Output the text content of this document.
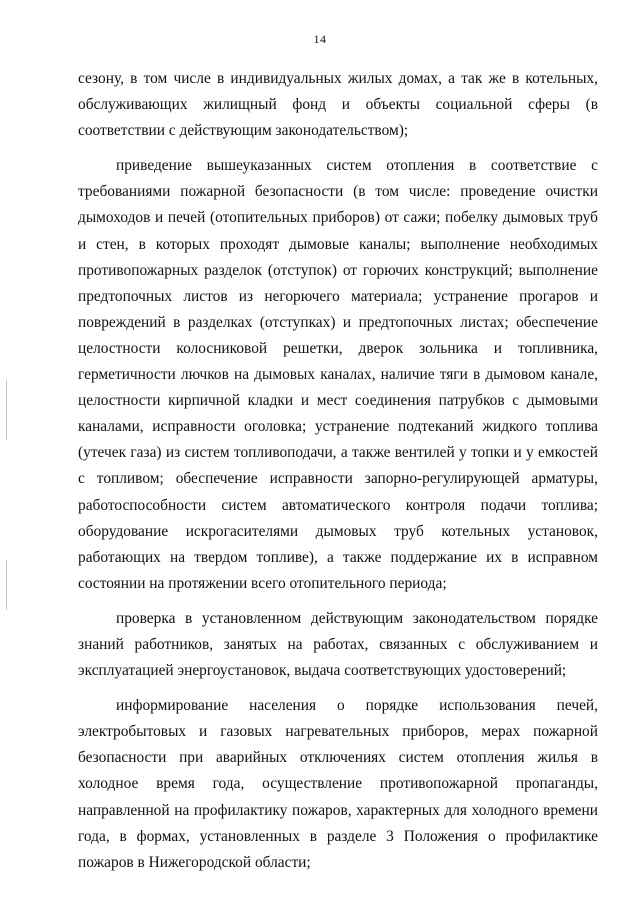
14

сезону, в том числе в индивидуальных жилых домах, а так же в котельных, обслуживающих жилищный фонд и объекты социальной сферы (в соответствии с действующим законодательством);

приведение вышеуказанных систем отопления в соответствие с требованиями пожарной безопасности (в том числе: проведение очистки дымоходов и печей (отопительных приборов) от сажи; побелку дымовых труб и стен, в которых проходят дымовые каналы; выполнение необходимых противопожарных разделок (отступок) от горючих конструкций; выполнение предтопочных листов из негорючего материала; устранение прогаров и повреждений в разделках (отступках) и предтопочных листах; обеспечение целостности колосниковой решетки, дверок зольника и топливника, герметичности лючков на дымовых каналах, наличие тяги в дымовом канале, целостности кирпичной кладки и мест соединения патрубков с дымовыми каналами, исправности оголовка; устранение подтеканий жидкого топлива (утечек газа) из систем топливоподачи, а также вентилей у топки и у емкостей с топливом; обеспечение исправности запорно-регулирующей арматуры, работоспособности систем автоматического контроля подачи топлива; оборудование искрогасителями дымовых труб котельных установок, работающих на твердом топливе), а также поддержание их в исправном состоянии на протяжении всего отопительного периода;

проверка в установленном действующим законодательством порядке знаний работников, занятых на работах, связанных с обслуживанием и эксплуатацией энергоустановок, выдача соответствующих удостоверений;

информирование населения о порядке использования печей, электробытовых и газовых нагревательных приборов, мерах пожарной безопасности при аварийных отключениях систем отопления жилья в холодное время года, осуществление противопожарной пропаганды, направленной на профилактику пожаров, характерных для холодного времени года, в формах, установленных в разделе 3 Положения о профилактике пожаров в Нижегородской области;
